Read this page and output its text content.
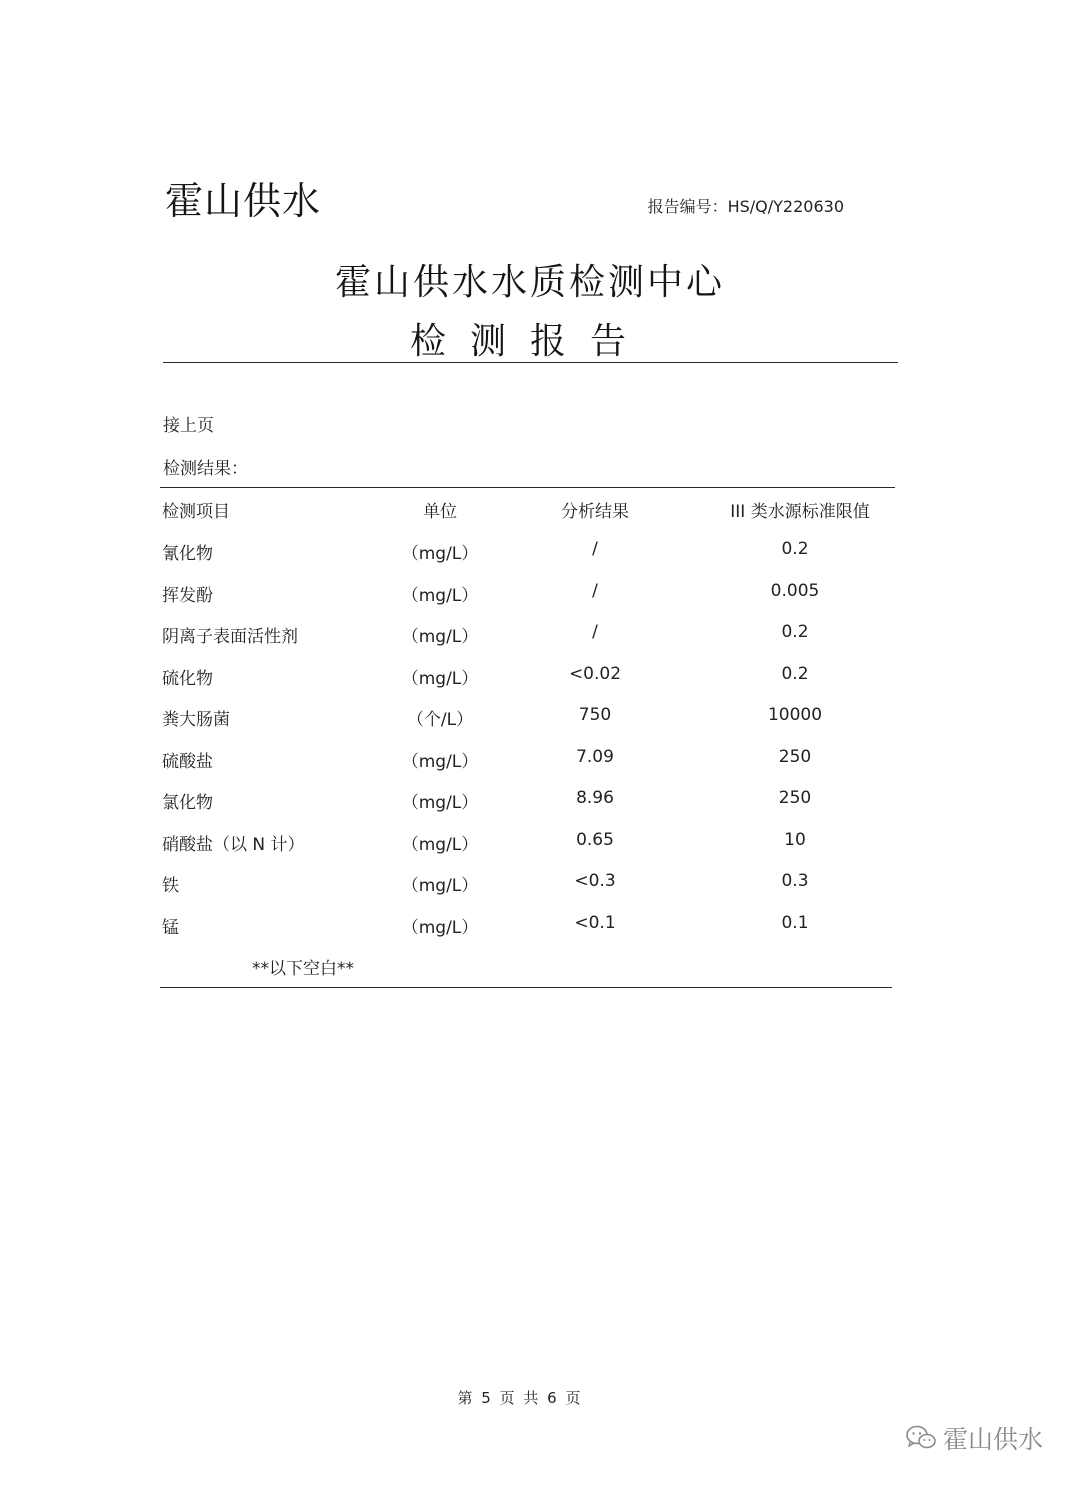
霍山供水	报告编号：HS/Q/Y220630
霍山供水水质检测中心
检测报告
接上页
检测结果：
检测项目	单位	分析结果	III 类水源标准限值
氰化物	（mg/L）	/	0.2
挥发酚	（mg/L）	/	0.005
阴离子表面活性剂	（mg/L）	/	0.2
硫化物	（mg/L）	<0.02	0.2
粪大肠菌	（个/L）	750	10000
硫酸盐	（mg/L）	7.09	250
氯化物	（mg/L）	8.96	250
硝酸盐（以 N 计）	（mg/L）	0.65	10
铁	（mg/L）	<0.3	0.3
锰	（mg/L）	<0.1	0.1
**以下空白**
第 5 页 共 6 页
霍山供水
